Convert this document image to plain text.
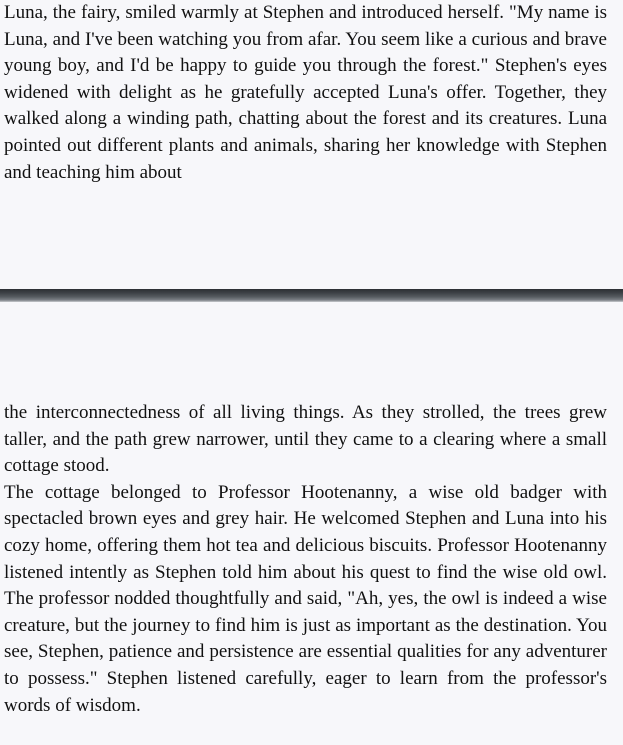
Luna, the fairy, smiled warmly at Stephen and introduced herself. "My name is Luna, and I've been watching you from afar. You seem like a curious and brave young boy, and I'd be happy to guide you through the forest." Stephen's eyes widened with delight as he gratefully accepted Luna's offer. Together, they walked along a winding path, chatting about the forest and its creatures. Luna pointed out different plants and animals, sharing her knowledge with Stephen and teaching him about

the interconnectedness of all living things. As they strolled, the trees grew taller, and the path grew narrower, until they came to a clearing where a small cottage stood.

The cottage belonged to Professor Hootenanny, a wise old badger with spectacled brown eyes and grey hair. He welcomed Stephen and Luna into his cozy home, offering them hot tea and delicious biscuits. Professor Hootenanny listened intently as Stephen told him about his quest to find the wise old owl. The professor nodded thoughtfully and said, "Ah, yes, the owl is indeed a wise creature, but the journey to find him is just as important as the destination. You see, Stephen, patience and persistence are essential qualities for any adventurer to possess." Stephen listened carefully, eager to learn from the professor's words of wisdom.
